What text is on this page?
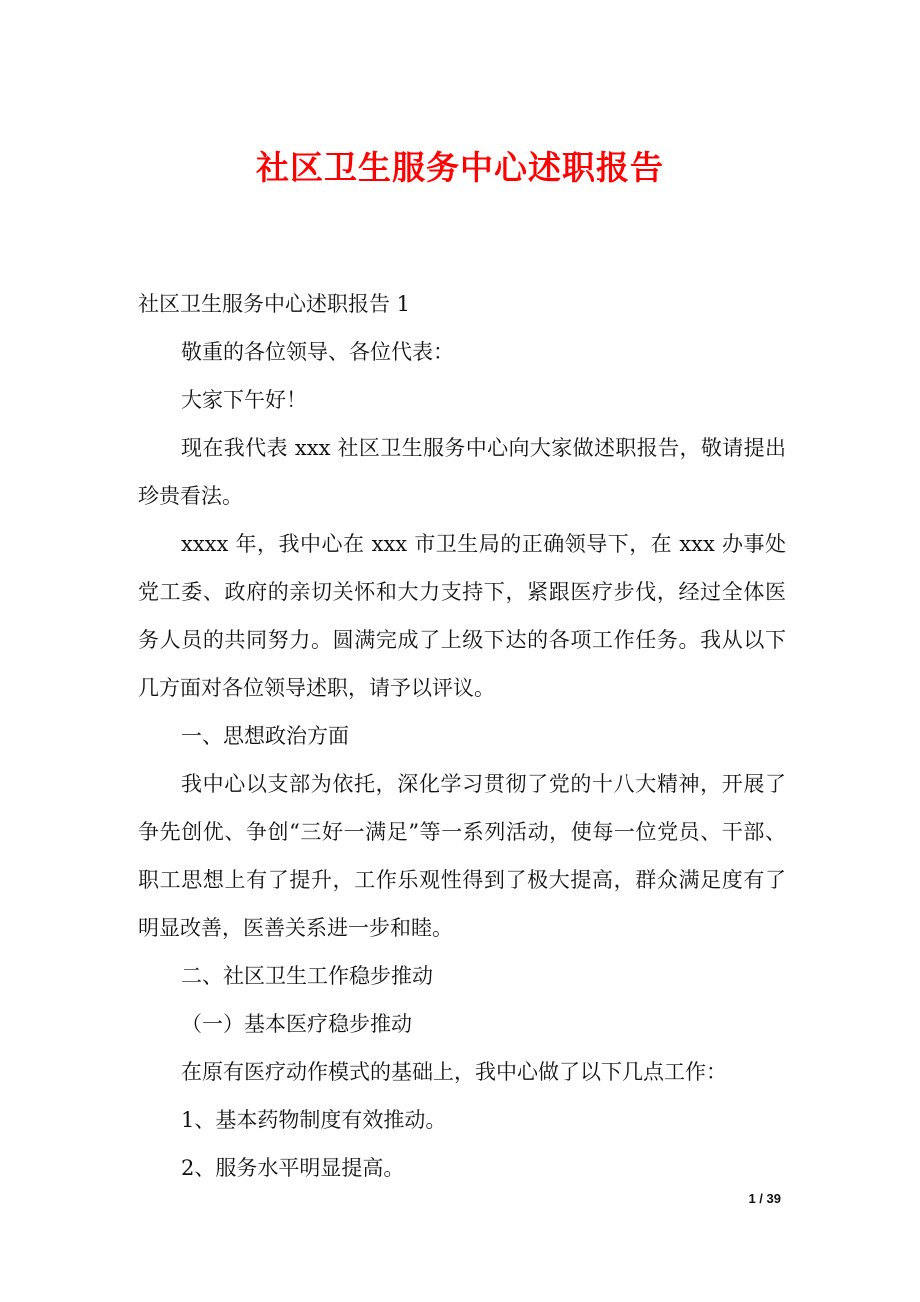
社区卫生服务中心述职报告

社区卫生服务中心述职报告 1

敬重的各位领导、各位代表：

大家下午好！

现在我代表 xxx 社区卫生服务中心向大家做述职报告，敬请提出珍贵看法。

xxxx 年，我中心在 xxx 市卫生局的正确领导下，在 xxx 办事处党工委、政府的亲切关怀和大力支持下，紧跟医疗步伐，经过全体医务人员的共同努力。圆满完成了上级下达的各项工作任务。我从以下几方面对各位领导述职，请予以评议。

一、思想政治方面

我中心以支部为依托，深化学习贯彻了党的十八大精神，开展了争先创优、争创“三好一满足”等一系列活动，使每一位党员、干部、职工思想上有了提升，工作乐观性得到了极大提高，群众满足度有了明显改善，医善关系进一步和睦。

二、社区卫生工作稳步推动

（一）基本医疗稳步推动

在原有医疗动作模式的基础上，我中心做了以下几点工作：

1、基本药物制度有效推动。

2、服务水平明显提高。

1 / 39
